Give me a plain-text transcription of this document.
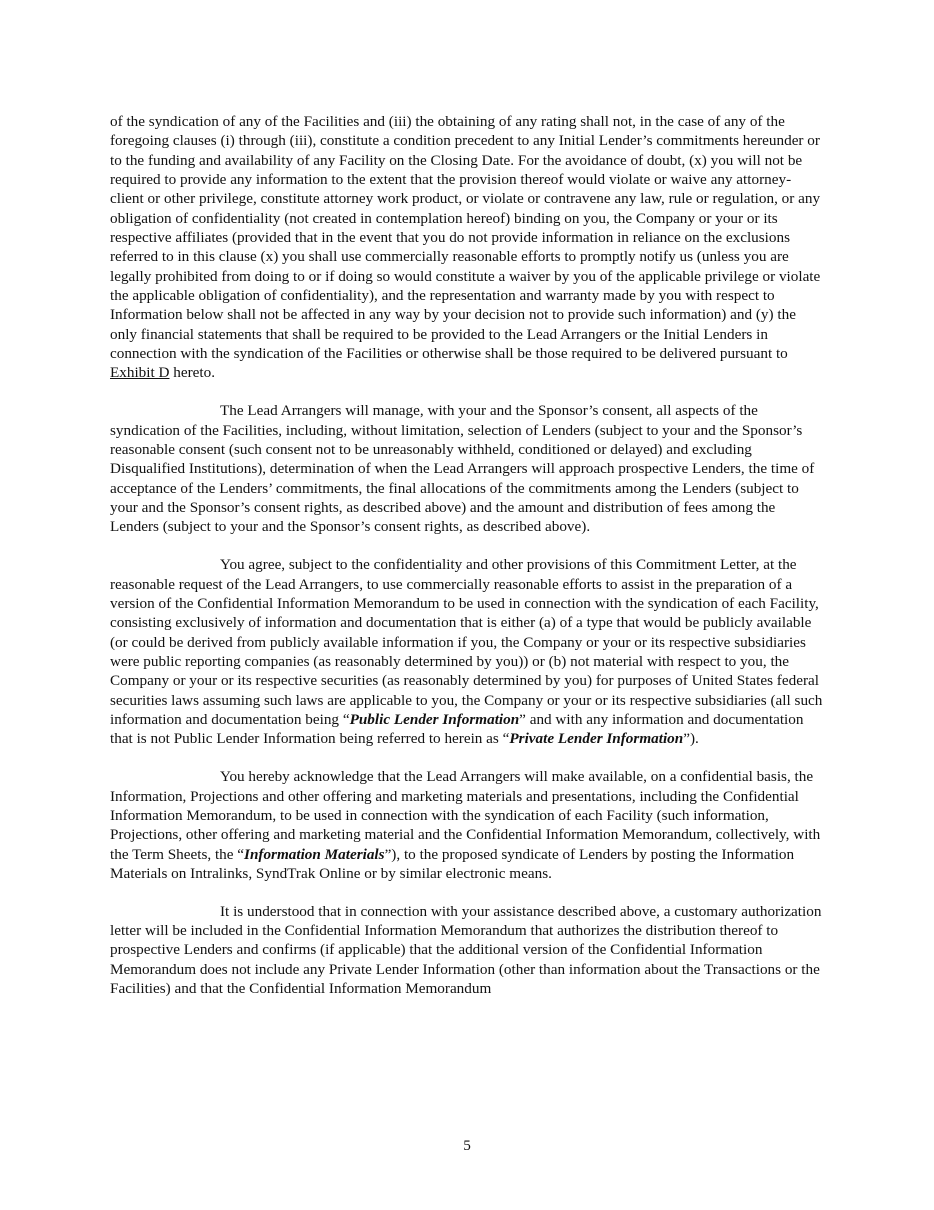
of the syndication of any of the Facilities and (iii) the obtaining of any rating shall not, in the case of any of the foregoing clauses (i) through (iii), constitute a condition precedent to any Initial Lender’s commitments hereunder or to the funding and availability of any Facility on the Closing Date. For the avoidance of doubt, (x) you will not be required to provide any information to the extent that the provision thereof would violate or waive any attorney-client or other privilege, constitute attorney work product, or violate or contravene any law, rule or regulation, or any obligation of confidentiality (not created in contemplation hereof) binding on you, the Company or your or its respective affiliates (provided that in the event that you do not provide information in reliance on the exclusions referred to in this clause (x) you shall use commercially reasonable efforts to promptly notify us (unless you are legally prohibited from doing to or if doing so would constitute a waiver by you of the applicable privilege or violate the applicable obligation of confidentiality), and the representation and warranty made by you with respect to Information below shall not be affected in any way by your decision not to provide such information) and (y) the only financial statements that shall be required to be provided to the Lead Arrangers or the Initial Lenders in connection with the syndication of the Facilities or otherwise shall be those required to be delivered pursuant to Exhibit D hereto.

The Lead Arrangers will manage, with your and the Sponsor’s consent, all aspects of the syndication of the Facilities, including, without limitation, selection of Lenders (subject to your and the Sponsor’s reasonable consent (such consent not to be unreasonably withheld, conditioned or delayed) and excluding Disqualified Institutions), determination of when the Lead Arrangers will approach prospective Lenders, the time of acceptance of the Lenders’ commitments, the final allocations of the commitments among the Lenders (subject to your and the Sponsor’s consent rights, as described above) and the amount and distribution of fees among the Lenders (subject to your and the Sponsor’s consent rights, as described above).

You agree, subject to the confidentiality and other provisions of this Commitment Letter, at the reasonable request of the Lead Arrangers, to use commercially reasonable efforts to assist in the preparation of a version of the Confidential Information Memorandum to be used in connection with the syndication of each Facility, consisting exclusively of information and documentation that is either (a) of a type that would be publicly available (or could be derived from publicly available information if you, the Company or your or its respective subsidiaries were public reporting companies (as reasonably determined by you)) or (b) not material with respect to you, the Company or your or its respective securities (as reasonably determined by you) for purposes of United States federal securities laws assuming such laws are applicable to you, the Company or your or its respective subsidiaries (all such information and documentation being “Public Lender Information” and with any information and documentation that is not Public Lender Information being referred to herein as “Private Lender Information”).

You hereby acknowledge that the Lead Arrangers will make available, on a confidential basis, the Information, Projections and other offering and marketing materials and presentations, including the Confidential Information Memorandum, to be used in connection with the syndication of each Facility (such information, Projections, other offering and marketing material and the Confidential Information Memorandum, collectively, with the Term Sheets, the “Information Materials”), to the proposed syndicate of Lenders by posting the Information Materials on Intralinks, SyndTrak Online or by similar electronic means.

It is understood that in connection with your assistance described above, a customary authorization letter will be included in the Confidential Information Memorandum that authorizes the distribution thereof to prospective Lenders and confirms (if applicable) that the additional version of the Confidential Information Memorandum does not include any Private Lender Information (other than information about the Transactions or the Facilities) and that the Confidential Information Memorandum

5
